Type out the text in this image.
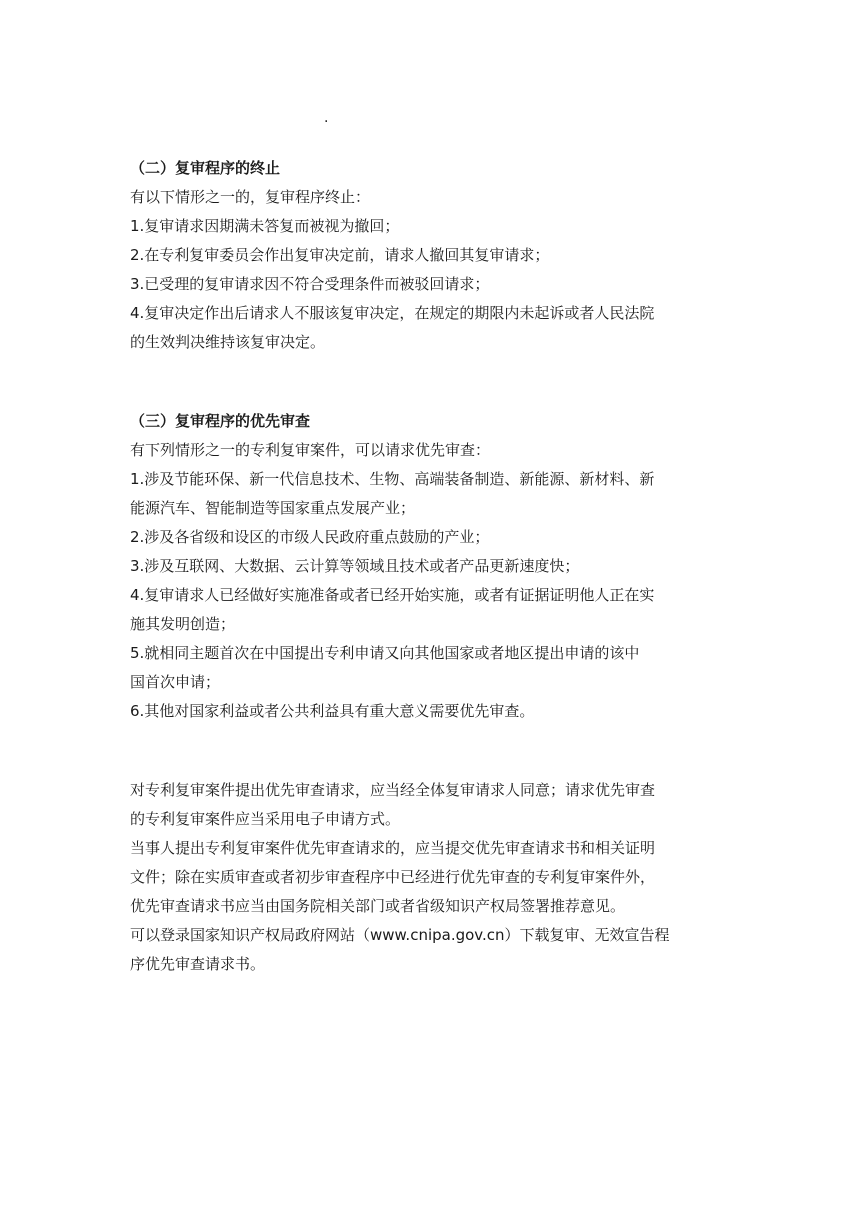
.

（二）复审程序的终止

有以下情形之一的，复审程序终止：

1.复审请求因期满未答复而被视为撤回；

2.在专利复审委员会作出复审决定前，请求人撤回其复审请求；

3.已受理的复审请求因不符合受理条件而被驳回请求；

4.复审决定作出后请求人不服该复审决定，在规定的期限内未起诉或者人民法院

的生效判决维持该复审决定。

（三）复审程序的优先审查

有下列情形之一的专利复审案件，可以请求优先审查：

1.涉及节能环保、新一代信息技术、生物、高端装备制造、新能源、新材料、新

能源汽车、智能制造等国家重点发展产业；

2.涉及各省级和设区的市级人民政府重点鼓励的产业；

3.涉及互联网、大数据、云计算等领域且技术或者产品更新速度快；

4.复审请求人已经做好实施准备或者已经开始实施，或者有证据证明他人正在实

施其发明创造；

5.就相同主题首次在中国提出专利申请又向其他国家或者地区提出申请的该中

国首次申请；

6.其他对国家利益或者公共利益具有重大意义需要优先审查。

对专利复审案件提出优先审查请求，应当经全体复审请求人同意；请求优先审查

的专利复审案件应当采用电子申请方式。

当事人提出专利复审案件优先审查请求的，应当提交优先审查请求书和相关证明

文件；除在实质审查或者初步审查程序中已经进行优先审查的专利复审案件外，

优先审查请求书应当由国务院相关部门或者省级知识产权局签署推荐意见。

可以登录国家知识产权局政府网站（www.cnipa.gov.cn）下载复审、无效宣告程

序优先审查请求书。
